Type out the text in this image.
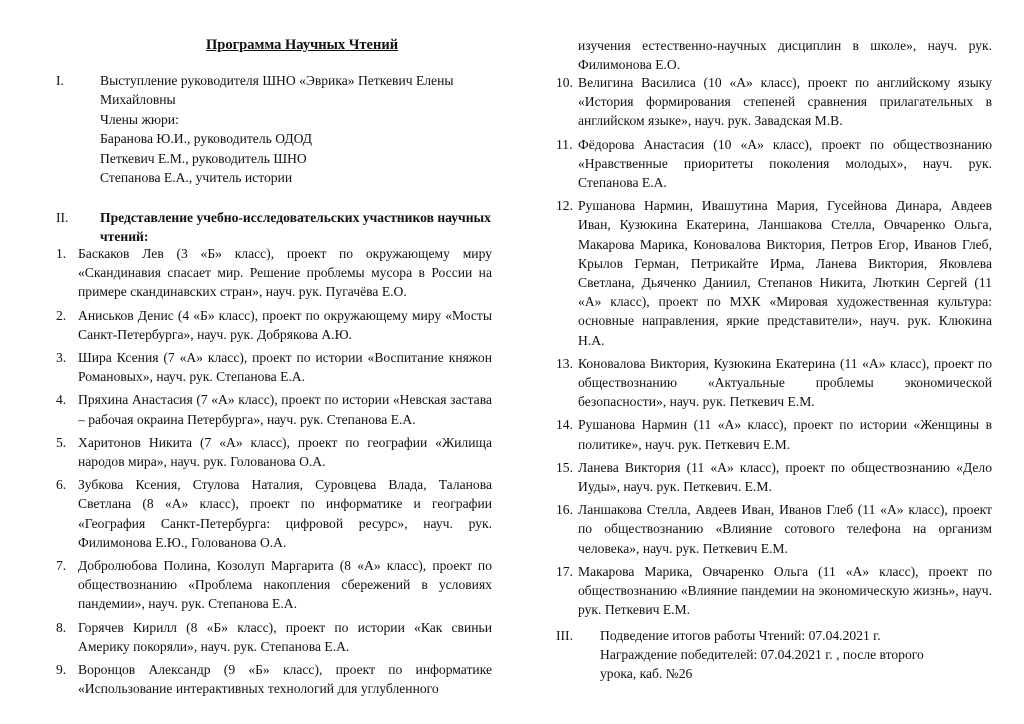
Программа Научных Чтений
I.	Выступление руководителя ШНО «Эврика» Петкевич Елены
Михайловны
Члены жюри:
Баранова Ю.И., руководитель ОДОД
Петкевич Е.М., руководитель ШНО
Степанова Е.А., учитель истории
II. Представление учебно-исследовательских участников научных чтений:
1. Баскаков Лев (3 «Б» класс), проект по окружающему миру «Скандинавия спасает мир. Решение проблемы мусора в России на примере скандинавских стран», науч. рук. Пугачёва Е.О.
2. Аниськов Денис (4 «Б» класс), проект по окружающему миру «Мосты Санкт-Петербурга», науч. рук. Добрякова А.Ю.
3. Шира Ксения (7 «А» класс), проект по истории «Воспитание княжон Романовых», науч. рук. Степанова Е.А.
4. Пряхина Анастасия (7 «А» класс), проект по истории «Невская застава – рабочая окраина Петербурга», науч. рук. Степанова Е.А.
5. Харитонов Никита (7 «А» класс), проект по географии «Жилища народов мира», науч. рук. Голованова О.А.
6. Зубкова Ксения, Стулова Наталия, Суровцева Влада, Таланова Светлана (8 «А» класс), проект по информатике и географии «География Санкт-Петербурга: цифровой ресурс», науч. рук. Филимонова Е.Ю., Голованова О.А.
7. Добролюбова Полина, Козолуп Маргарита (8 «А» класс), проект по обществознанию «Проблема накопления сбережений в условиях пандемии», науч. рук. Степанова Е.А.
8. Горячев Кирилл (8 «Б» класс), проект по истории «Как свиньи Америку покоряли», науч. рук. Степанова Е.А.
9. Воронцов Александр (9 «Б» класс), проект по информатике «Использование интерактивных технологий для углубленного
изучения естественно-научных дисциплин в школе», науч. рук. Филимонова Е.О.
10. Велигина Василиса (10 «А» класс), проект по английскому языку «История формирования степеней сравнения прилагательных в английском языке», науч. рук. Завадская М.В.
11. Фёдорова Анастасия (10 «А» класс), проект по обществознанию «Нравственные приоритеты поколения молодых», науч. рук. Степанова Е.А.
12. Рушанова Нармин, Ивашутина Мария, Гусейнова Динара, Авдеев Иван, Кузюкина Екатерина, Ланшакова Стелла, Овчаренко Ольга, Макарова Марика, Коновалова Виктория, Петров Егор, Иванов Глеб, Крылов Герман, Петрикайте Ирма, Ланева Виктория, Яковлева Светлана, Дьяченко Даниил, Степанов Никита, Люткин Сергей (11 «А» класс), проект по МХК «Мировая художественная культура: основные направления, яркие представители», науч. рук. Клюкина Н.А.
13. Коновалова Виктория, Кузюкина Екатерина (11 «А» класс), проект по обществознанию «Актуальные проблемы экономической безопасности», науч. рук. Петкевич Е.М.
14. Рушанова Нармин (11 «А» класс), проект по истории «Женщины в политике», науч. рук. Петкевич Е.М.
15. Ланева Виктория (11 «А» класс), проект по обществознанию «Дело Иуды», науч. рук. Петкевич. Е.М.
16. Ланшакова Стелла, Авдеев Иван, Иванов Глеб (11 «А» класс), проект по обществознанию «Влияние сотового телефона на организм человека», науч. рук. Петкевич Е.М.
17. Макарова Марика, Овчаренко Ольга (11 «А» класс), проект по обществознанию «Влияние пандемии на экономическую жизнь», науч. рук. Петкевич Е.М.
III. Подведение итогов работы Чтений: 07.04.2021 г.
Награждение победителей: 07.04.2021 г. , после второго
урока, каб. №26
